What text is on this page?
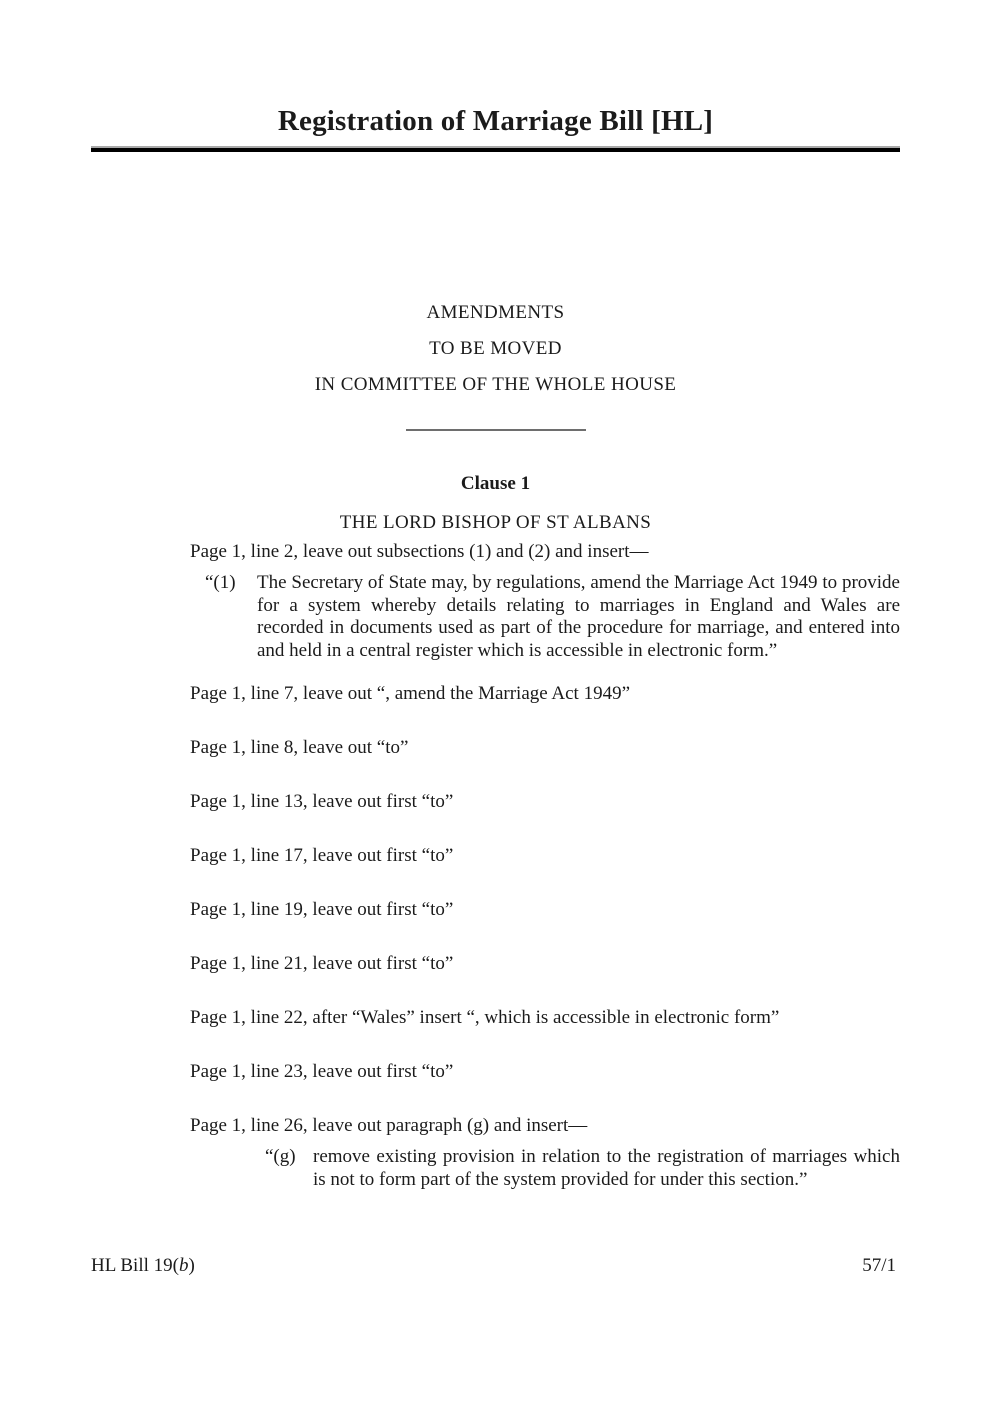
Registration of Marriage Bill [HL]
AMENDMENTS
TO BE MOVED
IN COMMITTEE OF THE WHOLE HOUSE
Clause 1
THE LORD BISHOP OF ST ALBANS

Page 1, line 2, leave out subsections (1) and (2) and insert—

“(1)	The Secretary of State may, by regulations, amend the Marriage Act 1949 to provide for a system whereby details relating to marriages in England and Wales are recorded in documents used as part of the procedure for marriage, and entered into and held in a central register which is accessible in electronic form.”

Page 1, line 7, leave out “, amend the Marriage Act 1949”

Page 1, line 8, leave out “to”

Page 1, line 13, leave out first “to”

Page 1, line 17, leave out first “to”

Page 1, line 19, leave out first “to”

Page 1, line 21, leave out first “to”

Page 1, line 22, after “Wales” insert “, which is accessible in electronic form”

Page 1, line 23, leave out first “to”

Page 1, line 26, leave out paragraph (g) and insert—

“(g) remove existing provision in relation to the registration of marriages which is not to form part of the system provided for under this section.”

HL Bill 19(b)	57/1
